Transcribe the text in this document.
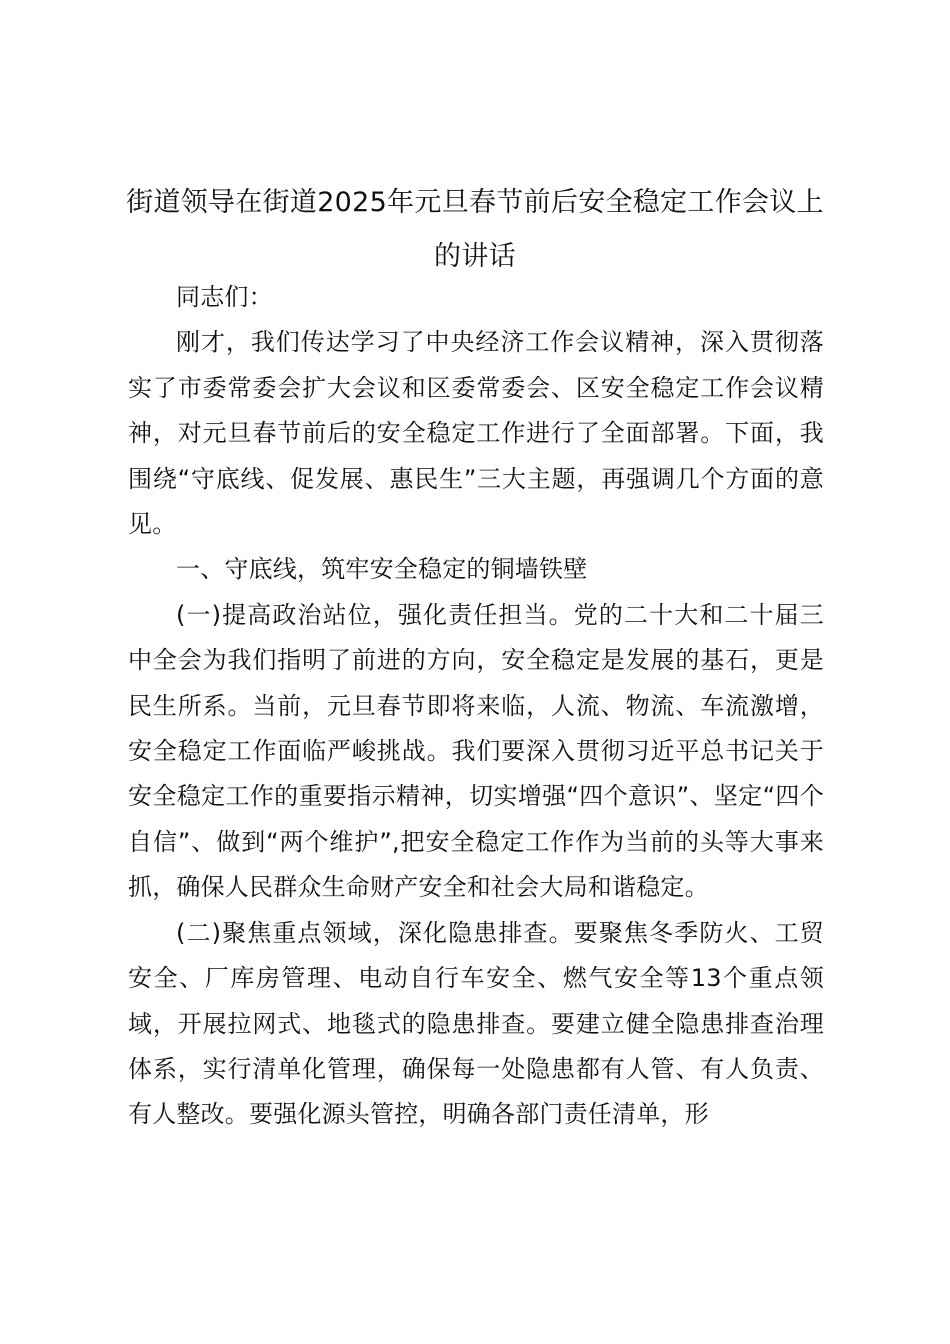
街道领导在街道2025年元旦春节前后安全稳定工作会议上的讲话

同志们：

刚才，我们传达学习了中央经济工作会议精神，深入贯彻落实了市委常委会扩大会议和区委常委会、区安全稳定工作会议精神，对元旦春节前后的安全稳定工作进行了全面部署。下面，我围绕“守底线、促发展、惠民生”三大主题，再强调几个方面的意见。

一、守底线，筑牢安全稳定的铜墙铁壁

(一)提高政治站位，强化责任担当。党的二十大和二十届三中全会为我们指明了前进的方向，安全稳定是发展的基石，更是民生所系。当前，元旦春节即将来临，人流、物流、车流激增，安全稳定工作面临严峻挑战。我们要深入贯彻习近平总书记关于安全稳定工作的重要指示精神，切实增强“四个意识”、坚定“四个自信”、做到“两个维护”,把安全稳定工作作为当前的头等大事来抓，确保人民群众生命财产安全和社会大局和谐稳定。

(二)聚焦重点领域，深化隐患排查。要聚焦冬季防火、工贸安全、厂库房管理、电动自行车安全、燃气安全等13个重点领域，开展拉网式、地毯式的隐患排查。要建立健全隐患排查治理体系，实行清单化管理，确保每一处隐患都有人管、有人负责、有人整改。要强化源头管控，明确各部门责任清单，形
